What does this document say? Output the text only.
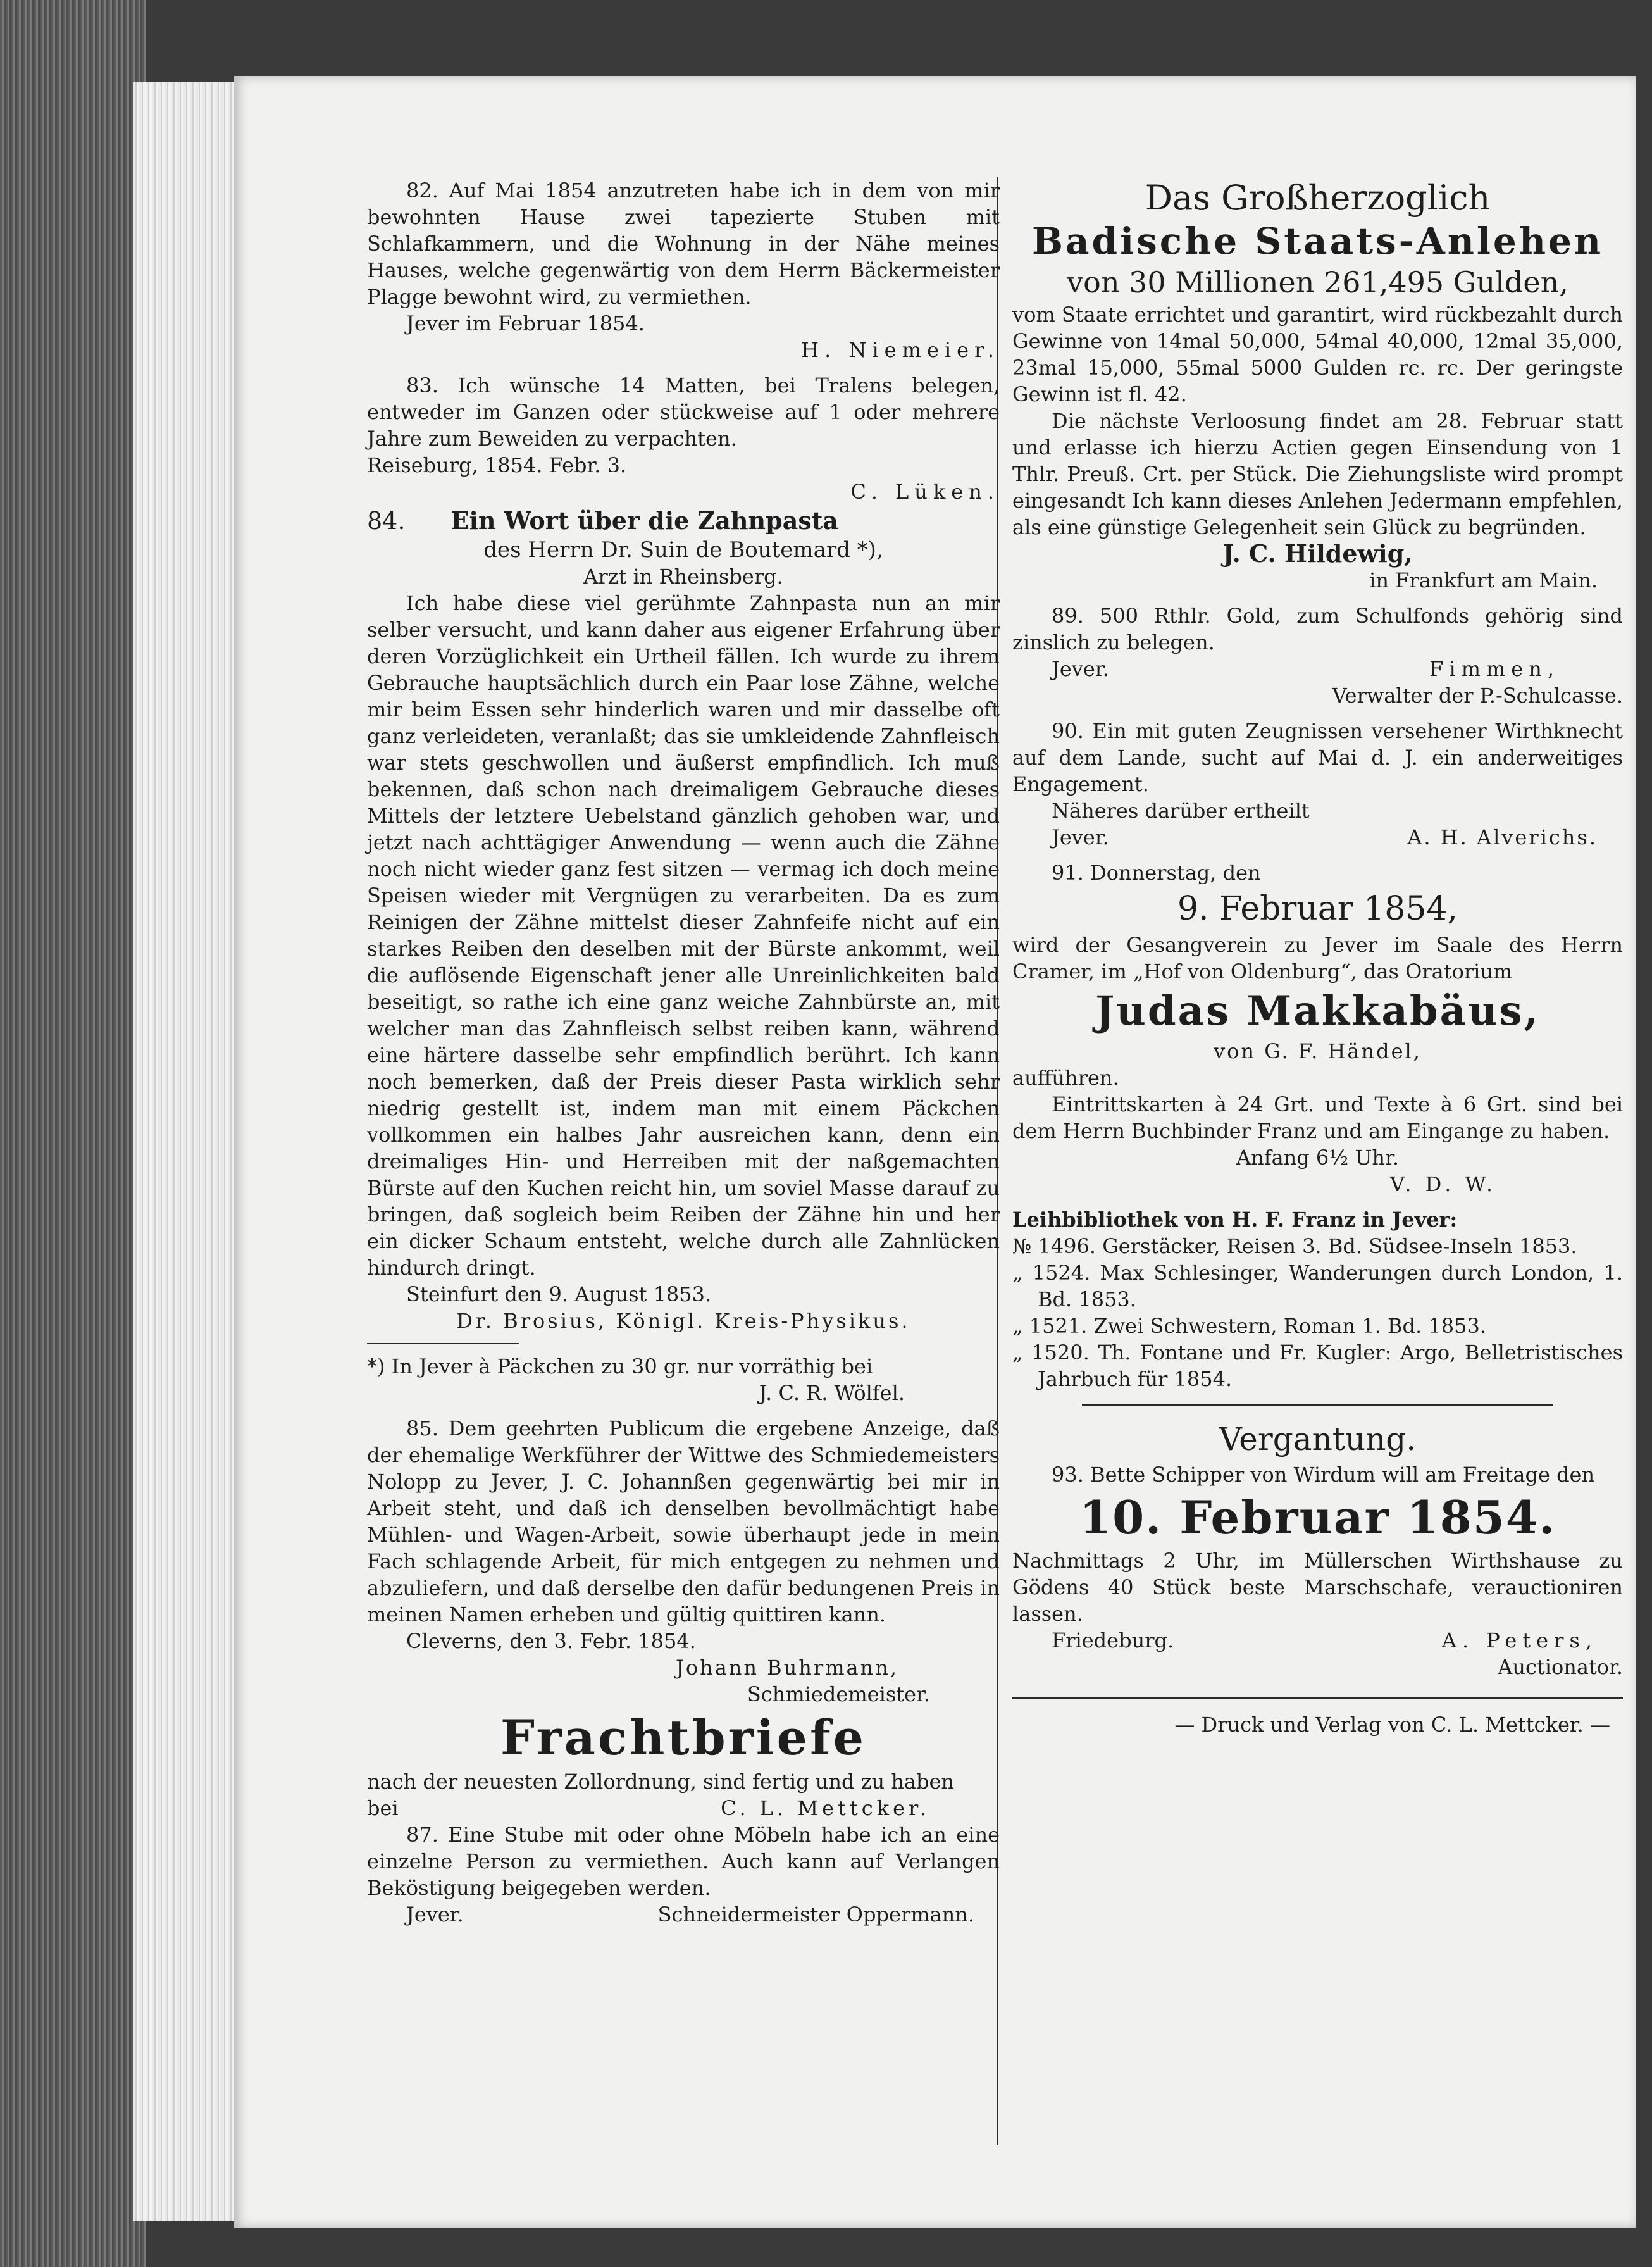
82. Auf Mai 1854 anzutreten habe ich in dem von mir bewohnten Hause zwei tapezierte Stuben mit Schlafkammern, und die Wohnung in der Nähe meines Hauses, welche gegenwärtig von dem Herrn Bäckermeister Plagge bewohnt wird, zu vermiethen.

Jever im Februar 1854.

H. Niemeier.

83. Ich wünsche 14 Matten, bei Tralens belegen, entweder im Ganzen oder stückweise auf 1 oder mehrere Jahre zum Beweiden zu verpachten.

Reiseburg, 1854. Febr. 3.

C. Lüken.

84. Ein Wort über die Zahnpasta

des Herrn Dr. Suin de Boutemard *),

Arzt in Rheinsberg.

Ich habe diese viel gerühmte Zahnpasta nun an mir selber versucht, und kann daher aus eigener Erfahrung über deren Vorzüglichkeit ein Urtheil fällen. Ich wurde zu ihrem Gebrauche hauptsächlich durch ein Paar lose Zähne, welche mir beim Essen sehr hinderlich waren und mir dasselbe oft ganz verleideten, veranlaßt; das sie umkleidende Zahnfleisch war stets geschwollen und äußerst empfindlich. Ich muß bekennen, daß schon nach dreimaligem Gebrauche dieses Mittels der letztere Uebelstand gänzlich gehoben war, und jetzt nach achttägiger Anwendung — wenn auch die Zähne noch nicht wieder ganz fest sitzen — vermag ich doch meine Speisen wieder mit Vergnügen zu verarbeiten. Da es zum Reinigen der Zähne mittelst dieser Zahnfeife nicht auf ein starkes Reiben den deselben mit der Bürste ankommt, weil die auflösende Eigenschaft jener alle Unreinlichkeiten bald beseitigt, so rathe ich eine ganz weiche Zahnbürste an, mit welcher man das Zahnfleisch selbst reiben kann, während eine härtere dasselbe sehr empfindlich berührt. Ich kann noch bemerken, daß der Preis dieser Pasta wirklich sehr niedrig gestellt ist, indem man mit einem Päckchen vollkommen ein halbes Jahr ausreichen kann, denn ein dreimaliges Hin- und Herreiben mit der naßgemachten Bürste auf den Kuchen reicht hin, um soviel Masse darauf zu bringen, daß sogleich beim Reiben der Zähne hin und her ein dicker Schaum entsteht, welche durch alle Zahnlücken hindurch dringt.

Steinfurt den 9. August 1853.

Dr. Brosius, Königl. Kreis-Physikus.

*) In Jever à Päckchen zu 30 gr. nur vorräthig bei

J. C. R. Wölfel.

85. Dem geehrten Publicum die ergebene Anzeige, daß der ehemalige Werkführer der Wittwe des Schmiedemeisters Nolopp zu Jever, J. C. Johannßen gegenwärtig bei mir in Arbeit steht, und daß ich denselben bevollmächtigt habe Mühlen- und Wagen-Arbeit, sowie überhaupt jede in mein Fach schlagende Arbeit, für mich entgegen zu nehmen und abzuliefern, und daß derselbe den dafür bedungenen Preis in meinen Namen erheben und gültig quittiren kann.

Cleverns, den 3. Febr. 1854.

Johann Buhrmann,

Schmiedemeister.

Frachtbriefe

nach der neuesten Zollordnung, sind fertig und zu haben

bei	C. L. Mettcker.

87. Eine Stube mit oder ohne Möbeln habe ich an eine einzelne Person zu vermiethen. Auch kann auf Verlangen Beköstigung beigegeben werden.

Jever.	Schneidermeister Oppermann.

Das Großherzoglich

Badische Staats-Anlehen

von 30 Millionen 261,495 Gulden,

vom Staate errichtet und garantirt, wird rückbezahlt durch Gewinne von 14mal 50,000, 54mal 40,000, 12mal 35,000, 23mal 15,000, 55mal 5000 Gulden rc. rc. Der geringste Gewinn ist fl. 42.

Die nächste Verloosung findet am 28. Februar statt und erlasse ich hierzu Actien gegen Einsendung von 1 Thlr. Preuß. Crt. per Stück. Die Ziehungsliste wird prompt eingesandt Ich kann dieses Anlehen Jedermann empfehlen, als eine günstige Gelegenheit sein Glück zu begründen.

J. C. Hildewig,

in Frankfurt am Main.

89. 500 Rthlr. Gold, zum Schulfonds gehörig sind zinslich zu belegen.

Jever.	Fimmen,

Verwalter der P.-Schulcasse.

90. Ein mit guten Zeugnissen versehener Wirthknecht auf dem Lande, sucht auf Mai d. J. ein anderweitiges Engagement.

Näheres darüber ertheilt

Jever.	A. H. Alverichs.

91. Donnerstag, den

9. Februar 1854,

wird der Gesangverein zu Jever im Saale des Herrn Cramer, im „Hof von Oldenburg“, das Oratorium

Judas Makkabäus,

von G. F. Händel,

aufführen.

Eintrittskarten à 24 Grt. und Texte à 6 Grt. sind bei dem Herrn Buchbinder Franz und am Eingange zu haben.

Anfang 6½ Uhr.

V. D. W.

Leihbibliothek von H. F. Franz in Jever:

№ 1496. Gerstäcker, Reisen 3. Bd. Südsee-Inseln 1853.

„ 1524. Max Schlesinger, Wanderungen durch London, 1. Bd. 1853.

„ 1521. Zwei Schwestern, Roman 1. Bd. 1853.

„ 1520. Th. Fontane und Fr. Kugler: Argo, Belletristisches Jahrbuch für 1854.

Vergantung.

93. Bette Schipper von Wirdum will am Freitage den

10. Februar 1854.

Nachmittags 2 Uhr, im Müllerschen Wirthshause zu Gödens 40 Stück beste Marschschafe, verauctioniren lassen.

Friedeburg.	A. Peters,

Auctionator.

— Druck und Verlag von C. L. Mettcker. —
